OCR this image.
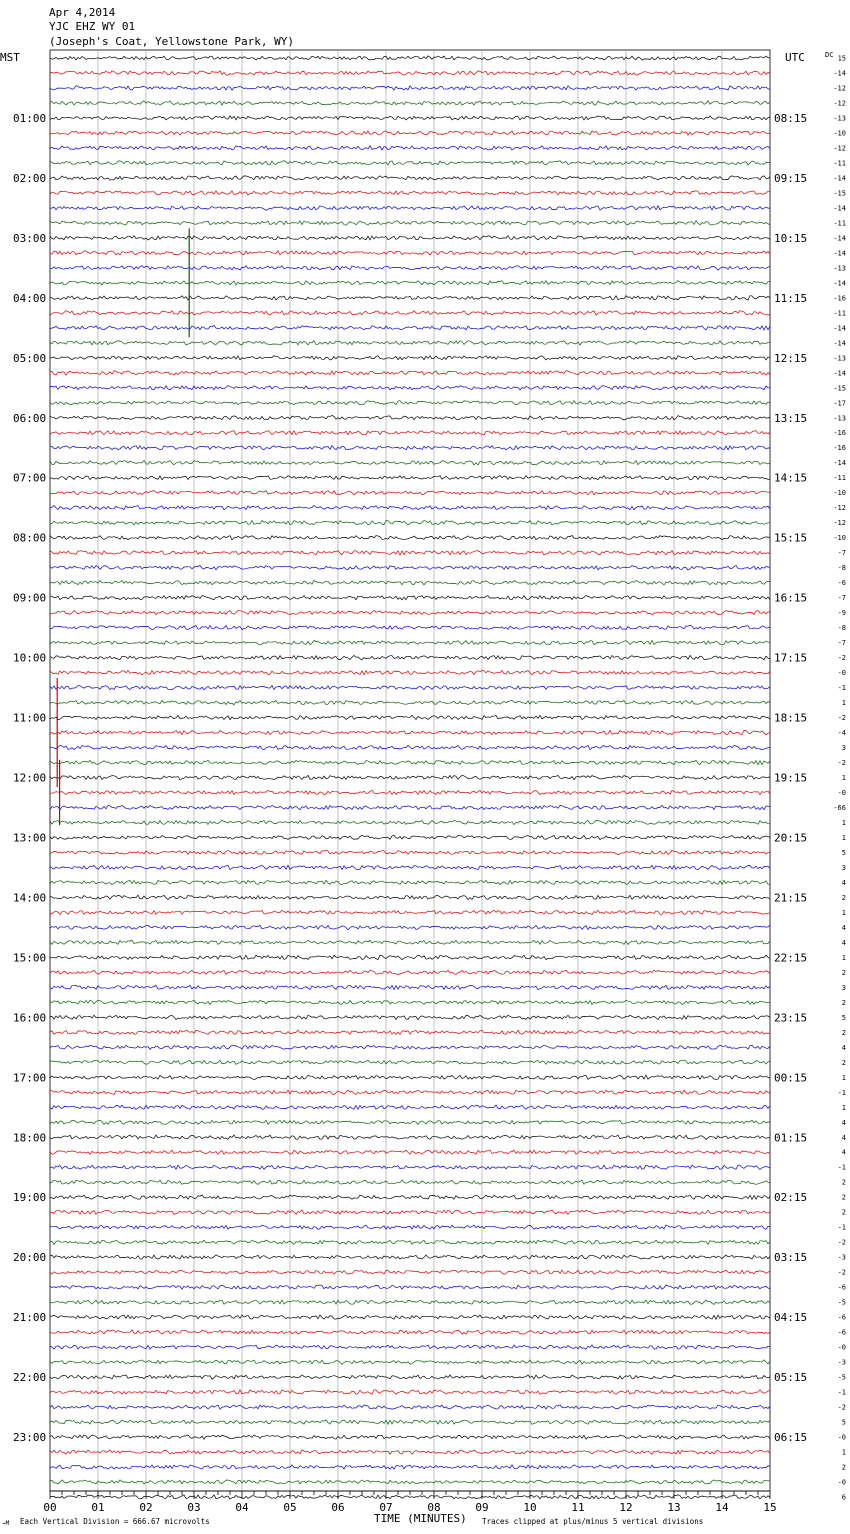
Apr 4,2014
YJC EHZ WY 01
(Joseph's Coat, Yellowstone Park, WY)
MST	UTC	DC
01:00
02:00
03:00
04:00
05:00
06:00
07:00
08:00
09:00
10:00
11:00
12:00
13:00
14:00
15:00
16:00
17:00
18:00
19:00
20:00
21:00
22:00
23:00
08:15
09:15
10:15
11:15
12:15
13:15
14:15
15:15
16:15
17:15
18:15
19:15
20:15
21:15
22:15
23:15
00:15
01:15
02:15
03:15
04:15
05:15
06:15
15
-14
-12
-12
-13
-10
-12
-11
-14
-15
-14
-11
-14
-14
-13
-14
-16
-11
-14
-14
-13
-14
-15
-17
-13
-16
-16
-14
-11
-10
-12
-12
-10
-7
-8
-6
-7
-9
-8
-7
-2
-0
-1
1
-2
-4
3
-2
1
-0
-66
1
1
5
3
4
2
1
4
4
1
2
3
2
5
2
4
2
1
-1
1
4
4
4
-1
2
2
2
-1
-2
-3
-2
-6
-5
-6
-6
-0
-3
-5
-1
-2
5
-0
1
2
-0
6
00	01	02	03	04	05	06	07	08	09	10	11	12	13	14	15
TIME (MINUTES)
→M Each Vertical Division = 666.67 microvolts	Traces clipped at plus/minus 5 vertical divisions
